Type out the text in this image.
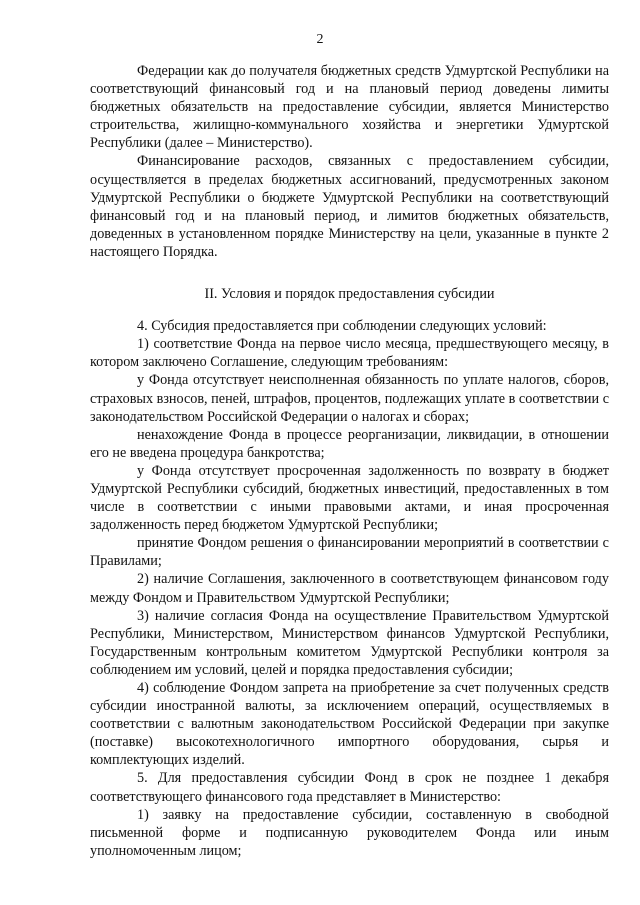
2

Федерации как до получателя бюджетных средств Удмуртской Республики на соответствующий финансовый год и на плановый период доведены лимиты бюджетных обязательств на предоставление субсидии, является Министерство строительства, жилищно-коммунального хозяйства и энергетики Удмуртской Республики (далее – Министерство).

Финансирование расходов, связанных с предоставлением субсидии, осуществляется в пределах бюджетных ассигнований, предусмотренных законом Удмуртской Республики о бюджете Удмуртской Республики на соответствующий финансовый год и на плановый период, и лимитов бюджетных обязательств, доведенных в установленном порядке Министерству на цели, указанные в пункте 2 настоящего Порядка.

II. Условия и порядок предоставления субсидии

4. Субсидия предоставляется при соблюдении следующих условий:

1) соответствие Фонда на первое число месяца, предшествующего месяцу, в котором заключено Соглашение, следующим требованиям:

у Фонда отсутствует неисполненная обязанность по уплате налогов, сборов, страховых взносов, пеней, штрафов, процентов, подлежащих уплате в соответствии с законодательством Российской Федерации о налогах и сборах;

ненахождение Фонда в процессе реорганизации, ликвидации, в отношении его не введена процедура банкротства;

у Фонда отсутствует просроченная задолженность по возврату в бюджет Удмуртской Республики субсидий, бюджетных инвестиций, предоставленных в том числе в соответствии с иными правовыми актами, и иная просроченная задолженность перед бюджетом Удмуртской Республики;

принятие Фондом решения о финансировании мероприятий в соответствии с Правилами;

2) наличие Соглашения, заключенного в соответствующем финансовом году между Фондом и Правительством Удмуртской Республики;

3) наличие согласия Фонда на осуществление Правительством Удмуртской Республики, Министерством, Министерством финансов Удмуртской Республики, Государственным контрольным комитетом Удмуртской Республики контроля за соблюдением им условий, целей и порядка предоставления субсидии;

4) соблюдение Фондом запрета на приобретение за счет полученных средств субсидии иностранной валюты, за исключением операций, осуществляемых в соответствии с валютным законодательством Российской Федерации при закупке (поставке) высокотехнологичного импортного оборудования, сырья и комплектующих изделий.

5. Для предоставления субсидии Фонд в срок не позднее 1 декабря соответствующего финансового года представляет в Министерство:

1) заявку на предоставление субсидии, составленную в свободной письменной форме и подписанную руководителем Фонда или иным уполномоченным лицом;
